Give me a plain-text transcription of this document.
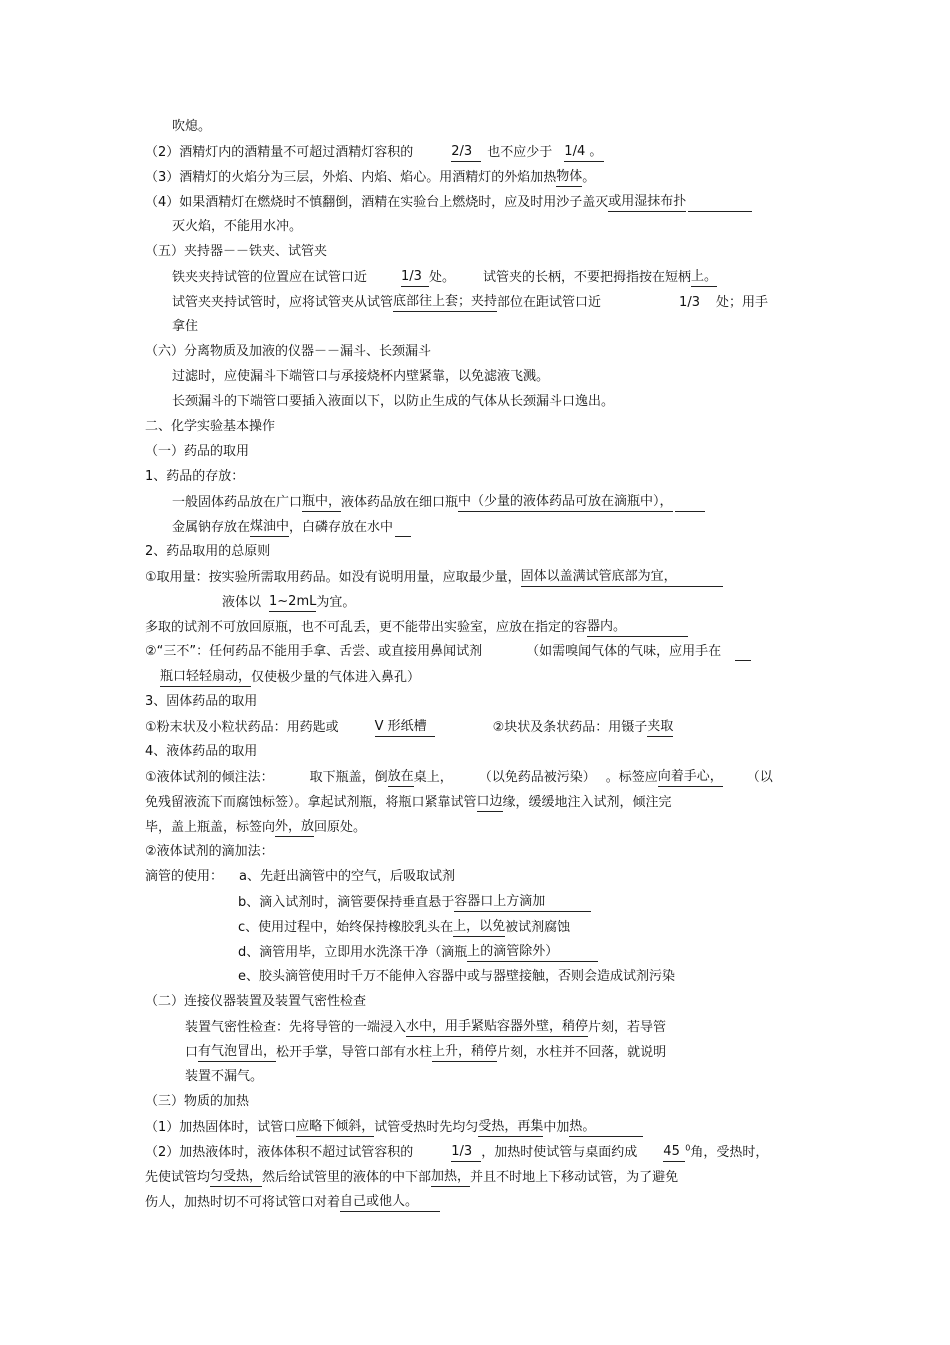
吹熄。
（2）酒精灯内的酒精量不可超过酒精灯容积的	2/3 也不应少于 1/4 。
（3）酒精灯的火焰分为三层，外焰、内焰、焰心。用酒精灯的外焰加热物体。
（4）如果酒精灯在燃烧时不慎翻倒，酒精在实验台上燃烧时，应及时用沙子盖灭或用湿抹布扑
灭火焰，不能用水冲。
（五）夹持器－－铁夹、试管夹
铁夹夹持试管的位置应在试管口近	1/3 处。 试管夹的长柄，不要把拇指按在短柄上。
试管夹夹持试管时，应将试管夹从试管底部往上套；夹持部位在距试管口近	1/3 处；用手
拿住
（六）分离物质及加液的仪器－－漏斗、长颈漏斗
过滤时，应使漏斗下端管口与承接烧杯内壁紧靠，以免滤液飞溅。
长颈漏斗的下端管口要插入液面以下，以防止生成的气体从长颈漏斗口逸出。
二、化学实验基本操作
（一）药品的取用
1、药品的存放：
一般固体药品放在广口瓶中，液体药品放在细口瓶中（少量的液体药品可放在滴瓶中），
金属钠存放在煤油中，白磷存放在水中
2、药品取用的总原则
①取用量：按实验所需取用药品。如没有说明用量，应取最少量，固体以盖满试管底部为宜，
液体以 1~2mL为宜。
多取的试剂不可放回原瓶，也不可乱丢，更不能带出实验室，应放在指定的容器内。
②“三不”：任何药品不能用手拿、舌尝、或直接用鼻闻试剂	（如需嗅闻气体的气味，应用手在
瓶口轻轻扇动，仅使极少量的气体进入鼻孔）
3、固体药品的取用
①粉末状及小粒状药品：用药匙或	V 形纸槽	②块状及条状药品：用镊子夹取
4、液体药品的取用
①液体试剂的倾注法：	取下瓶盖，倒放在桌上， （以免药品被污染） 。标签应向着手心， （以
免残留液流下而腐蚀标签）。拿起试剂瓶，将瓶口紧靠试管口边缘，缓缓地注入试剂，倾注完
毕，盖上瓶盖，标签向外，放回原处。
②液体试剂的滴加法：
滴管的使用： a、先赶出滴管中的空气，后吸取试剂
b、滴入试剂时，滴管要保持垂直悬于容器口上方滴加
c、使用过程中，始终保持橡胶乳头在上，以免被试剂腐蚀
d、滴管用毕，立即用水洗涤干净（滴瓶上的滴管除外）
e、胶头滴管使用时千万不能伸入容器中或与器壁接触，否则会造成试剂污染
（二）连接仪器装置及装置气密性检查
装置气密性检查：先将导管的一端浸入水中，用手紧贴容器外壁，稍停片刻，若导管
口有气泡冒出，松开手掌，导管口部有水柱上升，稍停片刻，水柱并不回落，就说明
装置不漏气。
（三）物质的加热
（1）加热固体时，试管口应略下倾斜，试管受热时先均匀受热，再集中加热。
（2）加热液体时，液体体积不超过试管容积的	1/3 ，加热时使试管与桌面约成 45 $^0$角，受热时，
先使试管均匀受热，然后给试管里的液体的中下部加热，并且不时地上下移动试管，为了避免
伤人，加热时切不可将试管口对着自己或他人。
